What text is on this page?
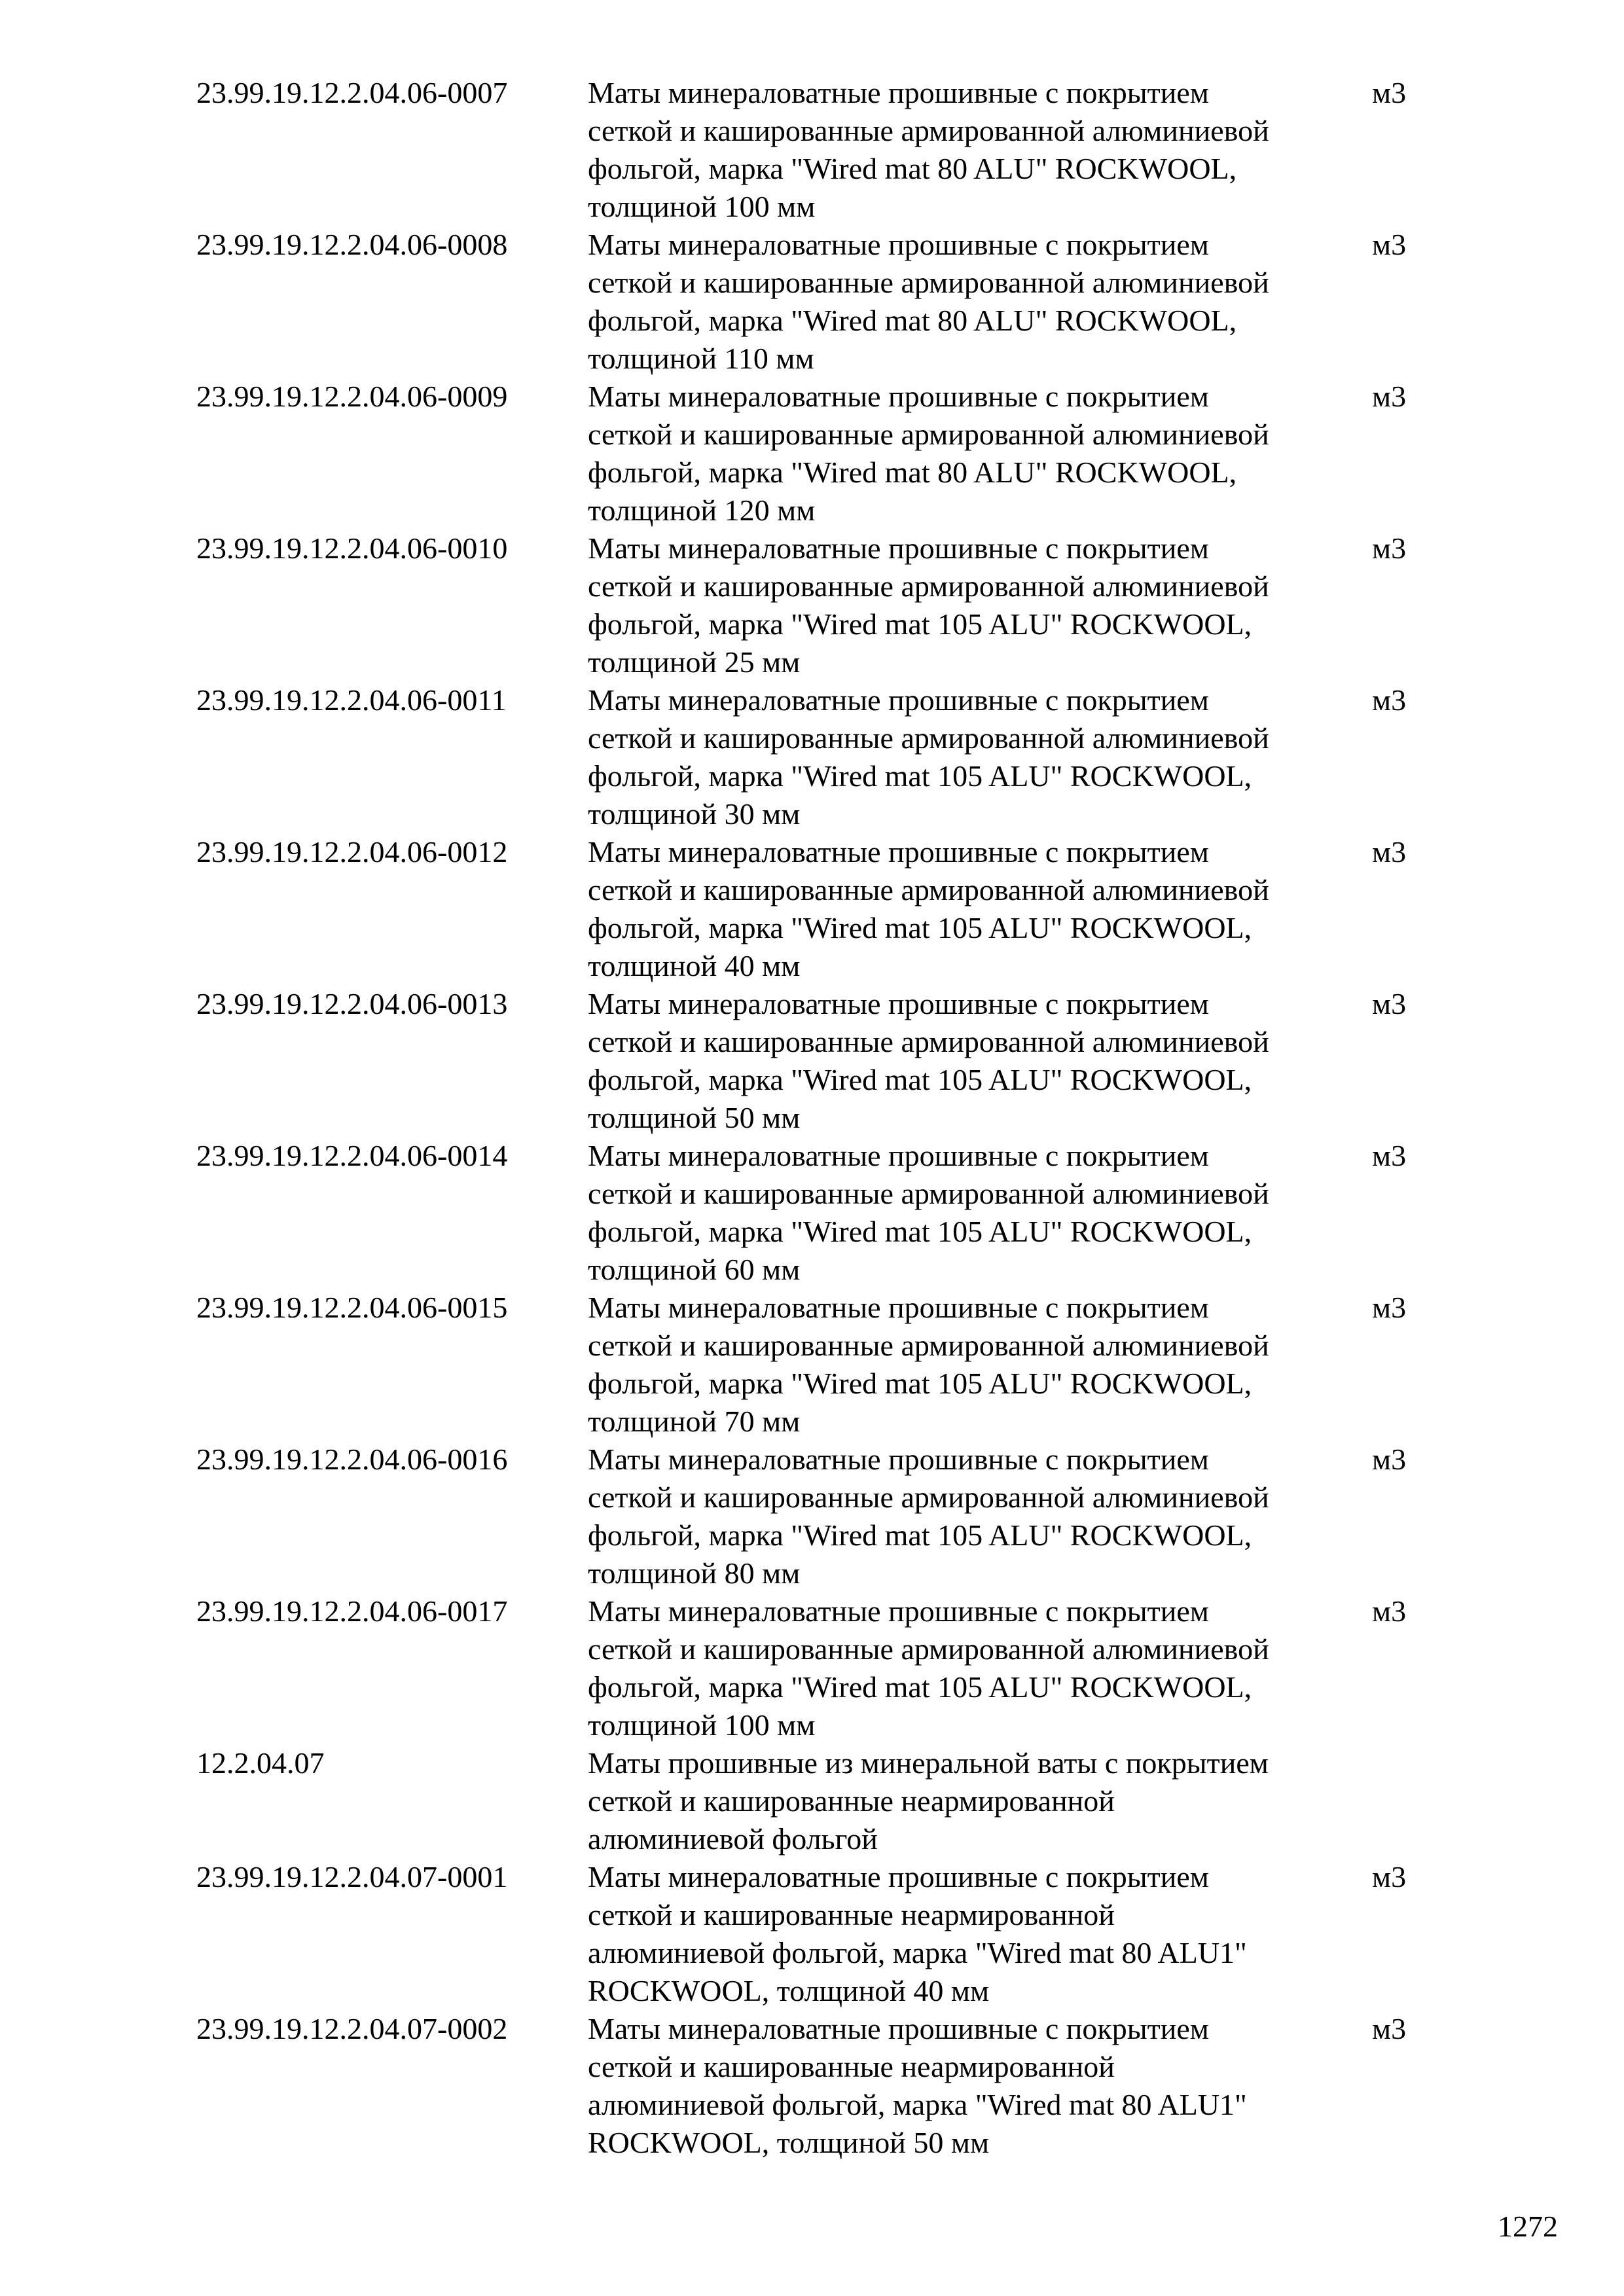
23.99.19.12.2.04.06-0007	Маты минераловатные прошивные с покрытием
сеткой и кашированные армированной алюминиевой
фольгой, марка "Wired mat 80 ALU" ROCKWOOL,
толщиной 100 мм
м3
23.99.19.12.2.04.06-0008	Маты минераловатные прошивные с покрытием
сеткой и кашированные армированной алюминиевой
фольгой, марка "Wired mat 80 ALU" ROCKWOOL,
толщиной 110 мм
м3
23.99.19.12.2.04.06-0009	Маты минераловатные прошивные с покрытием
сеткой и кашированные армированной алюминиевой
фольгой, марка "Wired mat 80 ALU" ROCKWOOL,
толщиной 120 мм
м3
23.99.19.12.2.04.06-0010	Маты минераловатные прошивные с покрытием
сеткой и кашированные армированной алюминиевой
фольгой, марка "Wired mat 105 ALU" ROCKWOOL,
толщиной 25 мм
м3
23.99.19.12.2.04.06-0011	Маты минераловатные прошивные с покрытием
сеткой и кашированные армированной алюминиевой
фольгой, марка "Wired mat 105 ALU" ROCKWOOL,
толщиной 30 мм
м3
23.99.19.12.2.04.06-0012	Маты минераловатные прошивные с покрытием
сеткой и кашированные армированной алюминиевой
фольгой, марка "Wired mat 105 ALU" ROCKWOOL,
толщиной 40 мм
м3
23.99.19.12.2.04.06-0013	Маты минераловатные прошивные с покрытием
сеткой и кашированные армированной алюминиевой
фольгой, марка "Wired mat 105 ALU" ROCKWOOL,
толщиной 50 мм
м3
23.99.19.12.2.04.06-0014	Маты минераловатные прошивные с покрытием
сеткой и кашированные армированной алюминиевой
фольгой, марка "Wired mat 105 ALU" ROCKWOOL,
толщиной 60 мм
м3
23.99.19.12.2.04.06-0015	Маты минераловатные прошивные с покрытием
сеткой и кашированные армированной алюминиевой
фольгой, марка "Wired mat 105 ALU" ROCKWOOL,
толщиной 70 мм
м3
23.99.19.12.2.04.06-0016	Маты минераловатные прошивные с покрытием
сеткой и кашированные армированной алюминиевой
фольгой, марка "Wired mat 105 ALU" ROCKWOOL,
толщиной 80 мм
м3
23.99.19.12.2.04.06-0017	Маты минераловатные прошивные с покрытием
сеткой и кашированные армированной алюминиевой
фольгой, марка "Wired mat 105 ALU" ROCKWOOL,
толщиной 100 мм
м3
12.2.04.07	Маты прошивные из минеральной ваты с покрытием
сеткой и кашированные неармированной
алюминиевой фольгой
23.99.19.12.2.04.07-0001	Маты минераловатные прошивные с покрытием
сеткой и кашированные неармированной
алюминиевой фольгой, марка "Wired mat 80 ALU1"
ROCKWOOL, толщиной 40 мм
м3
23.99.19.12.2.04.07-0002	Маты минераловатные прошивные с покрытием
сеткой и кашированные неармированной
алюминиевой фольгой, марка "Wired mat 80 ALU1"
ROCKWOOL, толщиной 50 мм
м3
1272
